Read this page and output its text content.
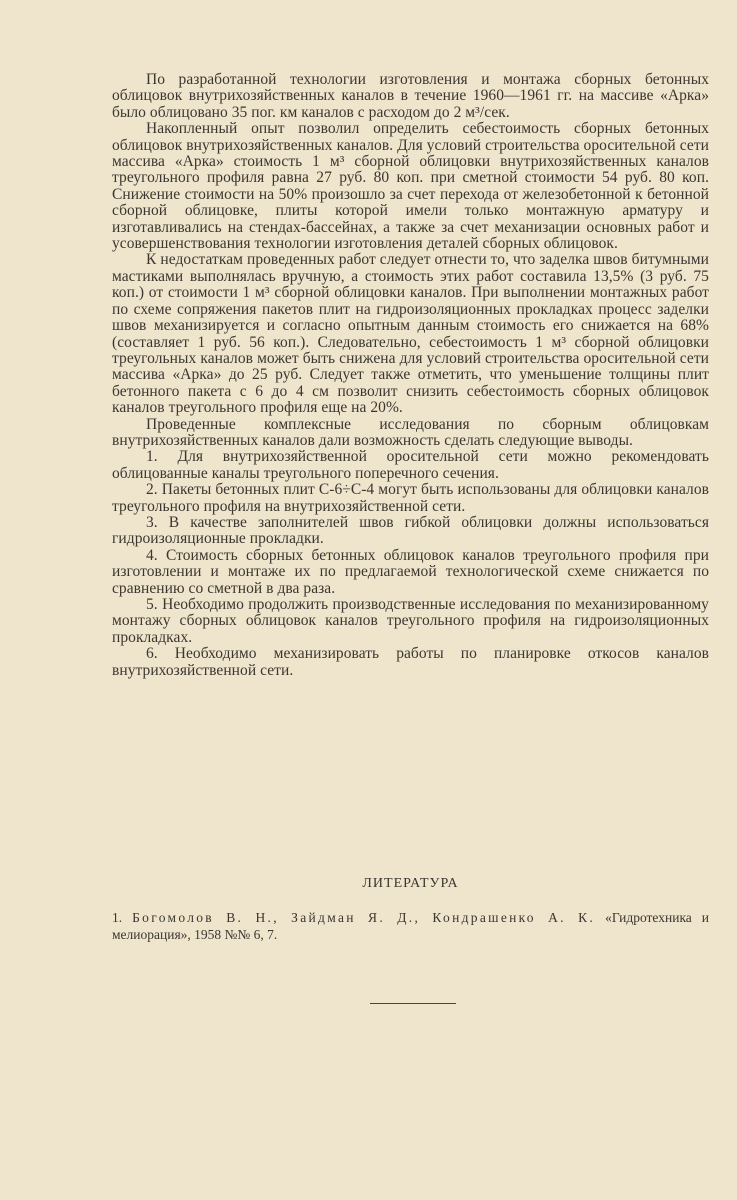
По разработанной технологии изготовления и монтажа сборных бетонных облицовок внутрихозяйственных каналов в течение 1960—1961 гг. на массиве «Арка» было облицовано 35 пог. км каналов с расходом до 2 м³/сек.

Накопленный опыт позволил определить себестоимость сборных бетонных облицовок внутрихозяйственных каналов. Для условий строительства оросительной сети массива «Арка» стоимость 1 м³ сборной облицовки внутрихозяйственных каналов треугольного профиля равна 27 руб. 80 коп. при сметной стоимости 54 руб. 80 коп. Снижение стоимости на 50% произошло за счет перехода от железобетонной к бетонной сборной облицовке, плиты которой имели только монтажную арматуру и изготавливались на стендах-бассейнах, а также за счет механизации основных работ и усовершенствования технологии изготовления деталей сборных облицовок.

К недостаткам проведенных работ следует отнести то, что заделка швов битумными мастиками выполнялась вручную, а стоимость этих работ составила 13,5% (3 руб. 75 коп.) от стоимости 1 м³ сборной облицовки каналов. При выполнении монтажных работ по схеме сопряжения пакетов плит на гидроизоляционных прокладках процесс заделки швов механизируется и согласно опытным данным стоимость его снижается на 68% (составляет 1 руб. 56 коп.). Следовательно, себестоимость 1 м³ сборной облицовки треугольных каналов может быть снижена для условий строительства оросительной сети массива «Арка» до 25 руб. Следует также отметить, что уменьшение толщины плит бетонного пакета с 6 до 4 см позволит снизить себестоимость сборных облицовок каналов треугольного профиля еще на 20%.

Проведенные комплексные исследования по сборным облицовкам внутрихозяйственных каналов дали возможность сделать следующие выводы.

1. Для внутрихозяйственной оросительной сети можно рекомендовать облицованные каналы треугольного поперечного сечения.

2. Пакеты бетонных плит С-6÷С-4 могут быть использованы для облицовки каналов треугольного профиля на внутрихозяйственной сети.

3. В качестве заполнителей швов гибкой облицовки должны использоваться гидроизоляционные прокладки.

4. Стоимость сборных бетонных облицовок каналов треугольного профиля при изготовлении и монтаже их по предлагаемой технологической схеме снижается по сравнению со сметной в два раза.

5. Необходимо продолжить производственные исследования по механизированному монтажу сборных облицовок каналов треугольного профиля на гидроизоляционных прокладках.

6. Необходимо механизировать работы по планировке откосов каналов внутрихозяйственной сети.

ЛИТЕРАТУРА
1. Богомолов В. Н., Зайдман Я. Д., Кондрашенко А. К. «Гидротехника и мелиорация», 1958 №№ 6, 7.
